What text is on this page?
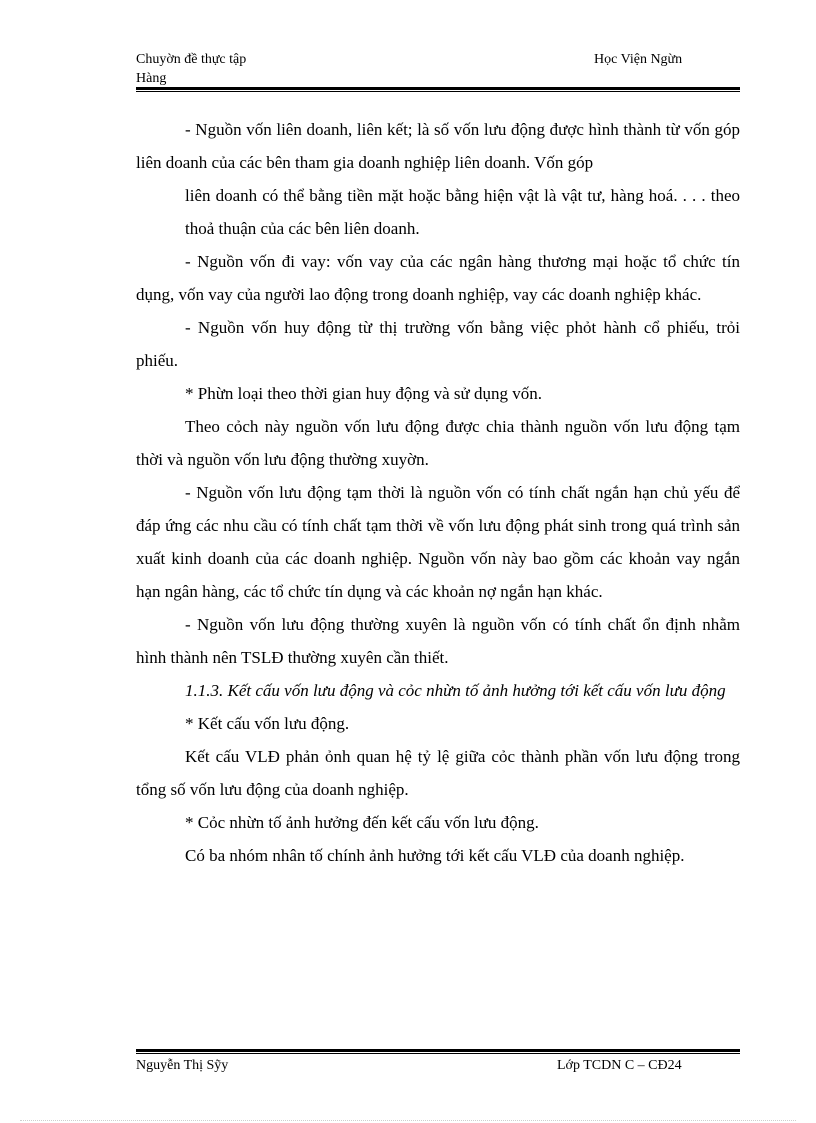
Chuyờn đề thực tập
Hàng
Học Viện Ngừn

- Nguồn vốn liên doanh, liên kết; là số vốn lưu động được hình thành từ vốn góp liên doanh của các bên tham gia doanh nghiệp liên doanh. Vốn góp

liên doanh có thể bằng tiền mặt hoặc bằng hiện vật là vật tư, hàng hoá. . . . theo thoả thuận của các bên liên doanh.

- Nguồn vốn đi vay: vốn vay của các ngân hàng thương mại hoặc tổ chức tín dụng, vốn vay của người lao động trong doanh nghiệp, vay các doanh nghiệp khác.

- Nguồn vốn huy động từ thị trường vốn bằng việc phỏt hành cổ phiếu, trỏi phiếu.

* Phừn loại theo thời gian huy động và sử dụng vốn.

Theo cỏch này nguồn vốn lưu động được chia thành nguồn vốn lưu động tạm thời và nguồn vốn lưu động thường xuyờn.

- Nguồn vốn lưu động tạm thời là nguồn vốn có tính chất ngắn hạn chủ yếu để đáp ứng các nhu cầu có tính chất tạm thời về vốn lưu động phát sinh trong quá trình sản xuất kinh doanh của các doanh nghiệp. Nguồn vốn này bao gồm các khoản vay ngắn hạn ngân hàng, các tổ chức tín dụng và các khoản nợ ngắn hạn khác.

- Nguồn vốn lưu động thường xuyên là nguồn vốn có tính chất ổn định nhằm hình thành nên TSLĐ thường xuyên cần thiết.

1.1.3. Kết cấu vốn lưu động và cỏc nhừn tố ảnh hưởng tới kết cấu vốn lưu động

* Kết cấu vốn lưu động.

Kết cấu VLĐ phản ỏnh quan hệ tỷ lệ giữa cỏc thành phần vốn lưu động trong tổng số vốn lưu động của doanh nghiệp.

* Cỏc nhừn tố ảnh hưởng đến kết cấu vốn lưu động.

Có ba nhóm nhân tố chính ảnh hưởng tới kết cấu VLĐ của doanh nghiệp.

Nguyễn Thị Sỹy	Lớp TCDN C – CĐ24
